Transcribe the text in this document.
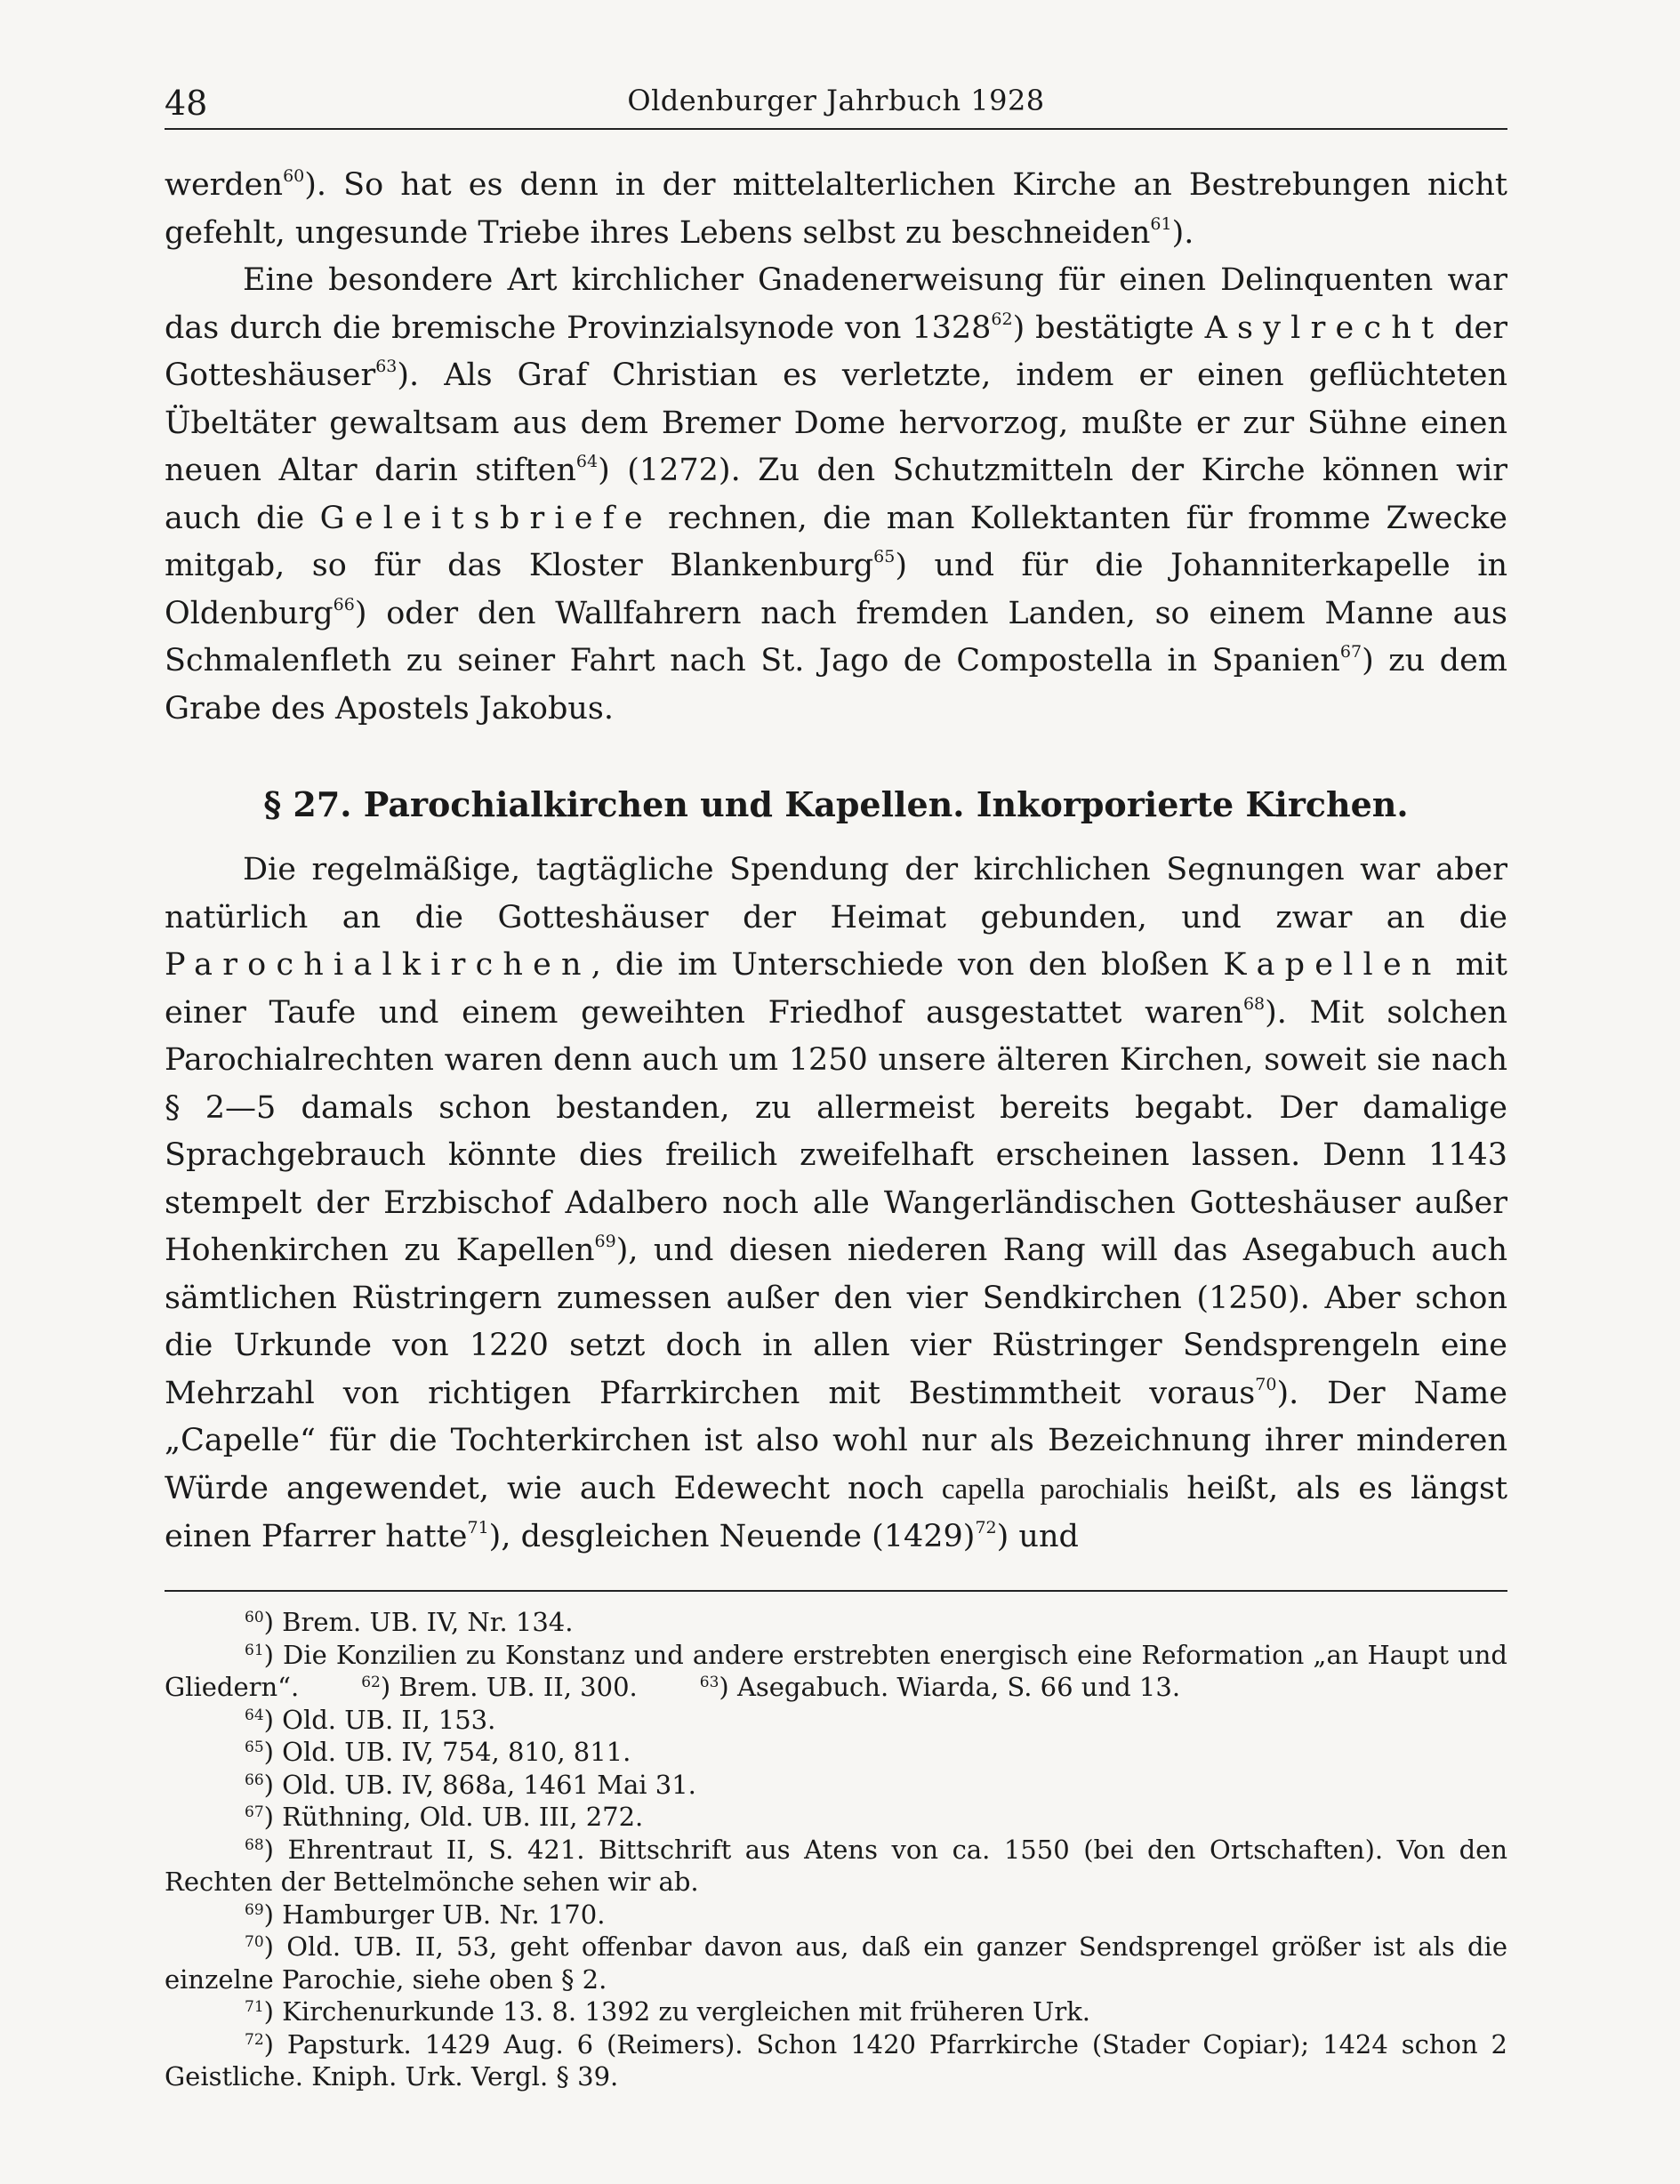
48	Oldenburger Jahrbuch 1928

werden$^{60}$). So hat es denn in der mittelalterlichen Kirche an Bestrebungen nicht gefehlt, ungesunde Triebe ihres Lebens selbst zu beschneiden$^{61}$).

Eine besondere Art kirchlicher Gnadenerweisung für einen Delinquenten war das durch die bremische Provinzialsynode von 1328$^{62}$) bestätigte Asylrecht der Gotteshäuser$^{63}$). Als Graf Christian es verletzte, indem er einen geflüchteten Übeltäter gewaltsam aus dem Bremer Dome hervorzog, mußte er zur Sühne einen neuen Altar darin stiften$^{64}$) (1272). Zu den Schutzmitteln der Kirche können wir auch die Geleitsbriefe rechnen, die man Kollektanten für fromme Zwecke mitgab, so für das Kloster Blankenburg$^{65}$) und für die Johanniterkapelle in Oldenburg$^{66}$) oder den Wallfahrern nach fremden Landen, so einem Manne aus Schmalenfleth zu seiner Fahrt nach St. Jago de Compostella in Spanien$^{67}$) zu dem Grabe des Apostels Jakobus.

§ 27. Parochialkirchen und Kapellen. Inkorporierte Kirchen.

Die regelmäßige, tagtägliche Spendung der kirchlichen Segnungen war aber natürlich an die Gotteshäuser der Heimat gebunden, und zwar an die Parochialkirchen, die im Unterschiede von den bloßen Kapellen mit einer Taufe und einem geweihten Friedhof ausgestattet waren$^{68}$). Mit solchen Parochialrechten waren denn auch um 1250 unsere älteren Kirchen, soweit sie nach § 2—5 damals schon bestanden, zu allermeist bereits begabt. Der damalige Sprachgebrauch könnte dies freilich zweifelhaft erscheinen lassen. Denn 1143 stempelt der Erzbischof Adalbero noch alle Wangerländischen Gotteshäuser außer Hohenkirchen zu Kapellen$^{69}$), und diesen niederen Rang will das Asegabuch auch sämtlichen Rüstringern zumessen außer den vier Sendkirchen (1250). Aber schon die Urkunde von 1220 setzt doch in allen vier Rüstringer Sendsprengeln eine Mehrzahl von richtigen Pfarrkirchen mit Bestimmtheit voraus$^{70}$). Der Name „Capelle“ für die Tochterkirchen ist also wohl nur als Bezeichnung ihrer minderen Würde angewendet, wie auch Edewecht noch capella parochialis heißt, als es längst einen Pfarrer hatte$^{71}$), desgleichen Neuende $(1429)^{72}$) und

$^{60}$) Brem. UB. IV, Nr. 134.

$^{61}$) Die Konzilien zu Konstanz und andere erstrebten energisch eine Reformation „an Haupt und Gliedern“.	$^{62}$) Brem. UB. II, 300.	$^{63}$) Asegabuch. Wiarda, S. 66 und 13.

$^{64}$) Old. UB. II, 153.

$^{65}$) Old. UB. IV, 754, 810, 811.

$^{66}$) Old. UB. IV, 868a, 1461 Mai 31.

$^{67}$) Rüthning, Old. UB. III, 272.

$^{68}$) Ehrentraut II, S. 421. Bittschrift aus Atens von ca. 1550 (bei den Ortschaften). Von den Rechten der Bettelmönche sehen wir ab.

$^{69}$) Hamburger UB. Nr. 170.

$^{70}$) Old. UB. II, 53, geht offenbar davon aus, daß ein ganzer Sendsprengel größer ist als die einzelne Parochie, siehe oben § 2.

$^{71}$) Kirchenurkunde 13. 8. 1392 zu vergleichen mit früheren Urk.

$^{72}$) Papsturk. 1429 Aug. 6 (Reimers). Schon 1420 Pfarrkirche (Stader Copiar); 1424 schon 2 Geistliche. Kniph. Urk. Vergl. § 39.
